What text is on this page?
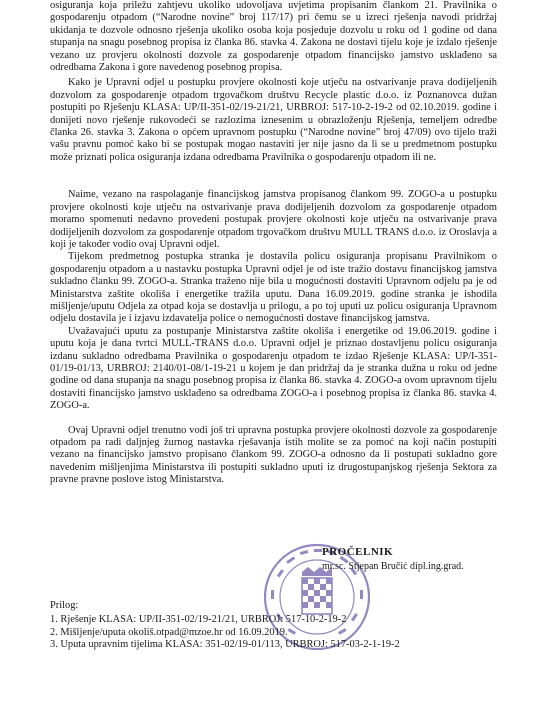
osiguranja koja priležu zahtjevu ukoliko udovoljava uvjetima propisanim člankom 21. Pravilnika o gospodarenju otpadom (“Narodne novine” broj 117/17) pri čemu se u izreci rješenja navodi pridržaj ukidanja te dozvole odnosno rješenja ukoliko osoba koja posjeduje dozvolu u roku od 1 godine od dana stupanja na snagu posebnog propisa iz članka 86. stavka 4. Zakona ne dostavi tijelu koje je izdalo rješenje vezano uz provjeru okolnosti dozvole za gospodarenje otpadom financijsko jamstvo usklađeno sa odredbama Zakona i gore navedenog posebnog propisa.

Kako je Upravni odjel u postupku provjere okolnosti koje utječu na ostvarivanje prava dodijeljenih dozvolom za gospodarenje otpadom trgovačkom društvu Recycle plastic d.o.o. iz Poznanovca dužan postupiti po Rješenju KLASA: UP/II-351-02/19-21/21, URBROJ: 517-10-2-19-2 od 02.10.2019. godine i donijeti novo rješenje rukovodeći se razlozima iznesenim u obrazloženju Rješenja, temeljem odredbe članka 26. stavka 3. Zakona o općem upravnom postupku (“Narodne novine” broj 47/09) ovo tijelo traži vašu pravnu pomoć kako bi se postupak mogao nastaviti jer nije jasno da li se u predmetnom postupku može priznati polica osiguranja izdana odredbama Pravilnika o gospodarenju otpadom ili ne.

Naime, vezano na raspolaganje financijskog jamstva propisanog člankom 99. ZOGO-a u postupku provjere okolnosti koje utječu na ostvarivanje prava dodijeljenih dozvolom za gospodarenje otpadom moramo spomenuti nedavno provedeni postupak provjere okolnosti koje utječu na ostvarivanje prava dodijeljenih dozvolom za gospodarenje otpadom trgovačkom društvu MULL TRANS d.o.o. iz Oroslavja a koji je također vodio ovaj Upravni odjel.

Tijekom predmetnog postupka stranka je dostavila policu osiguranja propisanu Pravilnikom o gospodarenju otpadom a u nastavku postupka Upravni odjel je od iste tražio dostavu financijskog jamstva sukladno članku 99. ZOGO-a. Stranka traženo nije bila u mogućnosti dostaviti Upravnom odjelu pa je od Ministarstva zaštite okoliša i energetike tražila uputu. Dana 16.09.2019. godine stranka je ishodila mišljenje/uputu Odjela za otpad koja se dostavlja u prilogu, a po toj uputi uz policu osiguranja Upravnom odjelu dostavila je i izjavu izdavatelja police o nemogućnosti dostave financijskog jamstva.

Uvažavajući uputu za postupanje Ministarstva zaštite okoliša i energetike od 19.06.2019. godine i uputu koja je dana tvrtci MULL-TRANS d.o.o. Upravni odjel je priznao dostavljenu policu osiguranja izdanu sukladno odredbama Pravilnika o gospodarenju otpadom te izdao Rješenje KLASA: UP/I-351-01/19-01/13, URBROJ: 2140/01-08/1-19-21 u kojem je dan pridržaj da je stranka dužna u roku od jedne godine od dana stupanja na snagu posebnog propisa iz članka 86. stavka 4. ZOGO-a ovom upravnom tijelu dostaviti financijsko jamstvo usklađeno sa odredbama ZOGO-a i posebnog propisa iz članka 86. stavka 4. ZOGO-a.

Ovaj Upravni odjel trenutno vodi još tri upravna postupka provjere okolnosti dozvole za gospodarenje otpadom pa radi daljnjeg žurnog nastavka rješavanja istih molite se za pomoć na koji način postupiti vezano na financijsko jamstvo propisano člankom 99. ZOGO-a odnosno da li postupati sukladno gore navedenim mišljenjima Ministarstva ili postupiti sukladno uputi iz drugostupanjskog rješenja Sektora za pravne pravne poslove istog Ministarstva.

PROČELNIK
mr.sc. Stjepan Bručić dipl.ing.grad.
Prilog:
1. Rješenje KLASA: UP/II-351-02/19-21/21, URBROJ: 517-10-2-19-2
2. Mišljenje/uputa okoliš.otpad@mzoe.hr od 16.09.2019.
3. Uputa upravnim tijelima KLASA: 351-02/19-01/113, URBROJ: 517-03-2-1-19-2
